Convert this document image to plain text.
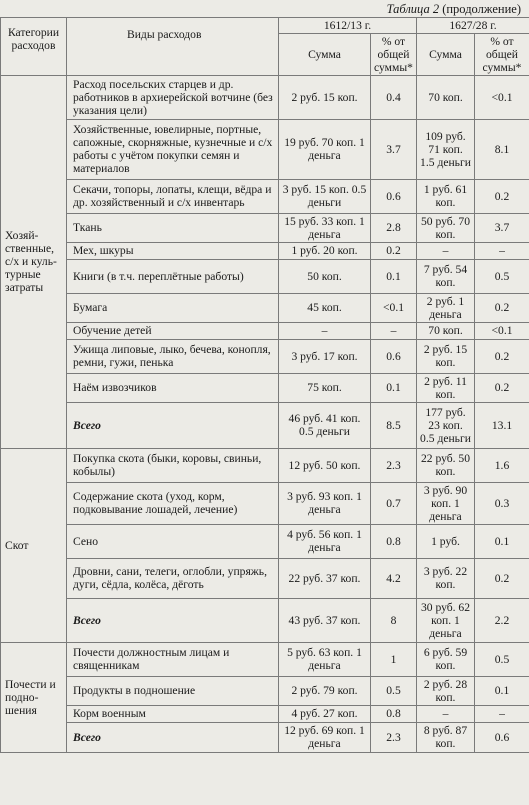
Таблица 2 (продолжение)
Категории расходов	Виды расходов	1612/13 г.		1627/28 г.	
		Сумма	% от общей суммы*	Сумма	% от общей суммы*
Хозяй-ственные, с/х и куль-турные затраты	Расход посельских старцев и др. работников в архиерейской вотчине (без указания цели)	2 руб. 15 коп.	0.4	70 коп.	<0.1
	Хозяйственные, ювелирные, портные, сапожные, скорняжные, кузнечные и с/х работы с учётом покупки семян и материалов	19 руб. 70 коп. 1 деньга	3.7	109 руб. 71 коп. 1.5 деньги	8.1
	Секачи, топоры, лопаты, клещи, вёдра и др. хозяйственный и с/х инвентарь	3 руб. 15 коп. 0.5 деньги	0.6	1 руб. 61 коп.	0.2
	Ткань	15 руб. 33 коп. 1 деньга	2.8	50 руб. 70 коп.	3.7
	Мех, шкуры	1 руб. 20 коп.	0.2	–	–
	Книги (в т.ч. переплётные работы)	50 коп.	0.1	7 руб. 54 коп.	0.5
	Бумага	45 коп.	<0.1	2 руб. 1 деньга	0.2
	Обучение детей	–	–	70 коп.	<0.1
	Ужища липовые, лыко, бечева, конопля, ремни, гужи, пенька	3 руб. 17 коп.	0.6	2 руб. 15 коп.	0.2
	Наём извозчиков	75 коп.	0.1	2 руб. 11 коп.	0.2
	Всего	46 руб. 41 коп. 0.5 деньги	8.5	177 руб. 23 коп. 0.5 деньги	13.1
Скот	Покупка скота (быки, коровы, свиньи, кобылы)	12 руб. 50 коп.	2.3	22 руб. 50 коп.	1.6
	Содержание скота (уход, корм, подковывание лошадей, лечение)	3 руб. 93 коп. 1 деньга	0.7	3 руб. 90 коп. 1 деньга	0.3
	Сено	4 руб. 56 коп. 1 деньга	0.8	1 руб.	0.1
	Дровни, сани, телеги, оглобли, упряжь, дуги, сёдла, колёса, дёготь	22 руб. 37 коп.	4.2	3 руб. 22 коп.	0.2
	Всего	43 руб. 37 коп.	8	30 руб. 62 коп. 1 деньга	2.2
Почести и подно-шения	Почести должностным лицам и священникам	5 руб. 63 коп. 1 деньга	1	6 руб. 59 коп.	0.5
	Продукты в подношение	2 руб. 79 коп.	0.5	2 руб. 28 коп.	0.1
	Корм военным	4 руб. 27 коп.	0.8	–	–
	Всего	12 руб. 69 коп. 1 деньга	2.3	8 руб. 87 коп.	0.6
